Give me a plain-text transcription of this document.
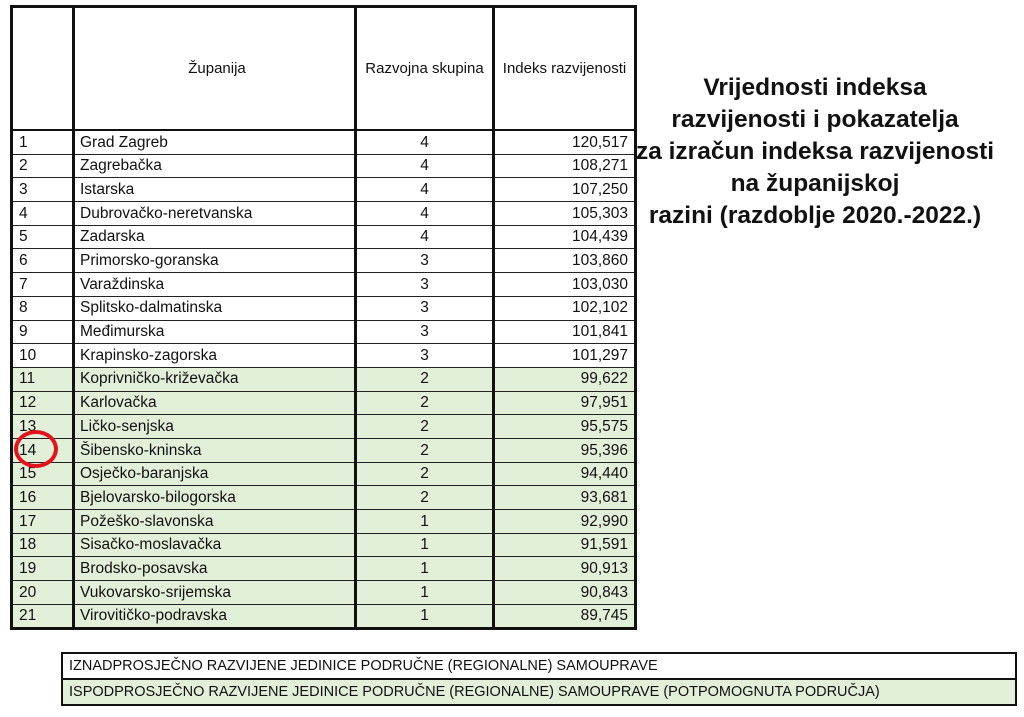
	Županija	Razvojna skupina	Indeks razvijenosti
1	Grad Zagreb	4	120,517
2	Zagrebačka	4	108,271
3	Istarska	4	107,250
4	Dubrovačko-neretvanska	4	105,303
5	Zadarska	4	104,439
6	Primorsko-goranska	3	103,860
7	Varaždinska	3	103,030
8	Splitsko-dalmatinska	3	102,102
9	Međimurska	3	101,841
10	Krapinsko-zagorska	3	101,297
11	Koprivničko-križevačka	2	99,622
12	Karlovačka	2	97,951
13	Ličko-senjska	2	95,575
14	Šibensko-kninska	2	95,396
15	Osječko-baranjska	2	94,440
16	Bjelovarsko-bilogorska	2	93,681
17	Požeško-slavonska	1	92,990
18	Sisačko-moslavačka	1	91,591
19	Brodsko-posavska	1	90,913
20	Vukovarsko-srijemska	1	90,843
21	Virovitičko-podravska	1	89,745
Vrijednosti indeksa
razvijenosti i pokazatelja
za izračun indeksa razvijenosti
na županijskoj
razini (razdoblje 2020.-2022.)
IZNADPROSJEČNO RAZVIJENE JEDINICE PODRUČNE (REGIONALNE) SAMOUPRAVE
ISPODPROSJEČNO RAZVIJENE JEDINICE PODRUČNE (REGIONALNE) SAMOUPRAVE (POTPOMOGNUTA PODRUČJA)
